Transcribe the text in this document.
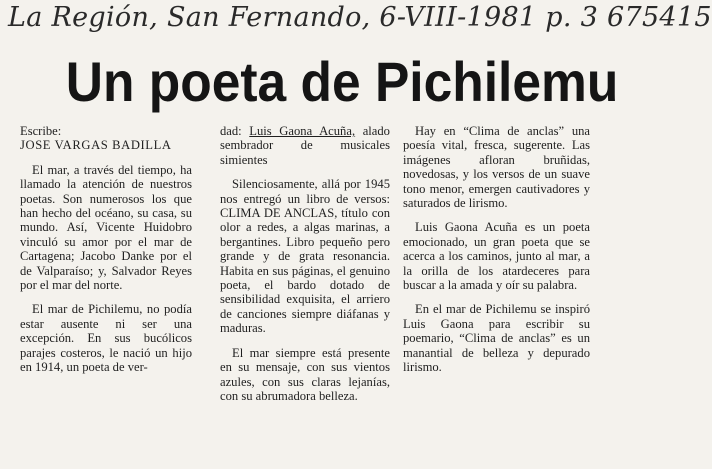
La Región, San Fernando, 6-VIII-1981 p. 3 675415
Un poeta de Pichilemu
Escribe:
JOSE VARGAS BADILLA

El mar, a través del tiempo, ha llamado la atención de nuestros poetas. Son numerosos los que han hecho del océano, su casa, su mundo. Así, Vicente Huidobro vinculó su amor por el mar de Cartagena; Jacobo Danke por el de Valparaíso; y, Salvador Reyes por el mar del norte.

El mar de Pichilemu, no podía estar ausente ni ser una excepción. En sus bucólicos parajes costeros, le nació un hijo en 1914, un poeta de ver-

dad: Luis Gaona Acuña, alado sembrador de musicales simientes

Silenciosamente, allá por 1945 nos entregó un libro de versos: CLIMA DE ANCLAS, título con olor a redes, a algas marinas, a bergantines. Libro pequeño pero grande y de grata resonancia. Habita en sus páginas, el genuino poeta, el bardo dotado de sensibilidad exquisita, el arriero de canciones siempre diáfanas y maduras.

El mar siempre está presente en su mensaje, con sus vientos azules, con sus claras lejanías, con su abrumadora belleza.

Hay en “Clima de anclas” una poesía vital, fresca, sugerente. Las imágenes afloran bruñidas, novedosas, y los versos de un suave tono menor, emergen cautivadores y saturados de lirismo.

Luis Gaona Acuña es un poeta emocionado, un gran poeta que se acerca a los caminos, junto al mar, a la orilla de los atardeceres para buscar a la amada y oír su palabra.

En el mar de Pichilemu se inspiró Luis Gaona para escribir su poemario, “Clima de anclas” es un manantial de belleza y depurado lirismo.
